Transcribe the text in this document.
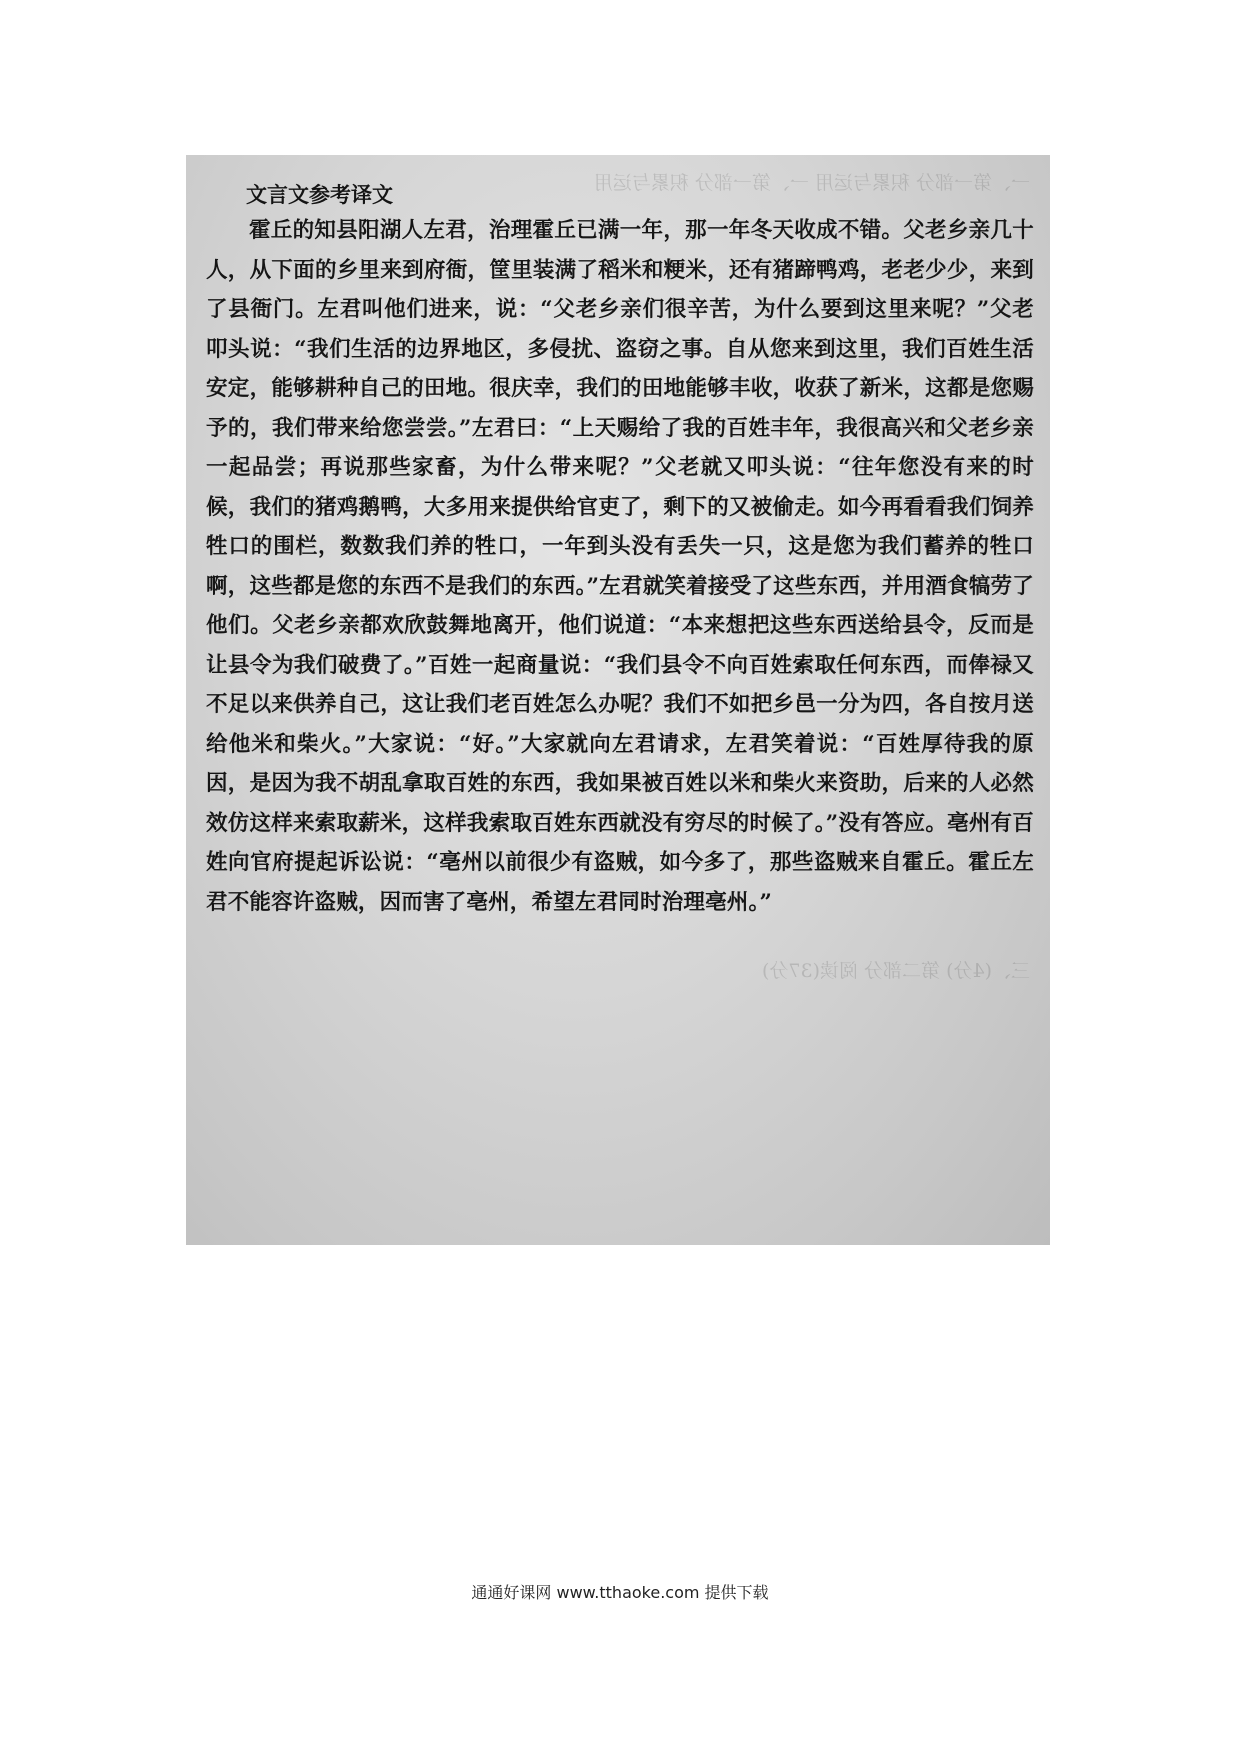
一、第一部分 积累与运用 一、第一部分 积累与运用
三、(4分) 第二部分 阅读(37分)
文言文参考译文

霍丘的知县阳湖人左君，治理霍丘已满一年，那一年冬天收成不错。父老乡亲几十人，从下面的乡里来到府衙，筐里装满了稻米和粳米，还有猪蹄鸭鸡，老老少少，来到了县衙门。左君叫他们进来，说：“父老乡亲们很辛苦，为什么要到这里来呢？”父老叩头说：“我们生活的边界地区，多侵扰、盗窃之事。自从您来到这里，我们百姓生活安定，能够耕种自己的田地。很庆幸，我们的田地能够丰收，收获了新米，这都是您赐予的，我们带来给您尝尝。”左君曰：“上天赐给了我的百姓丰年，我很高兴和父老乡亲一起品尝；再说那些家畜，为什么带来呢？”父老就又叩头说：“往年您没有来的时候，我们的猪鸡鹅鸭，大多用来提供给官吏了，剩下的又被偷走。如今再看看我们饲养牲口的围栏，数数我们养的牲口，一年到头没有丢失一只，这是您为我们蓄养的牲口啊，这些都是您的东西不是我们的东西。”左君就笑着接受了这些东西，并用酒食犒劳了他们。父老乡亲都欢欣鼓舞地离开，他们说道：“本来想把这些东西送给县令，反而是让县令为我们破费了。”百姓一起商量说：“我们县令不向百姓索取任何东西，而俸禄又不足以来供养自己，这让我们老百姓怎么办呢？我们不如把乡邑一分为四，各自按月送给他米和柴火。”大家说：“好。”大家就向左君请求，左君笑着说：“百姓厚待我的原因，是因为我不胡乱拿取百姓的东西，我如果被百姓以米和柴火来资助，后来的人必然效仿这样来索取薪米，这样我索取百姓东西就没有穷尽的时候了。”没有答应。亳州有百姓向官府提起诉讼说：“亳州以前很少有盗贼，如今多了，那些盗贼来自霍丘。霍丘左君不能容许盗贼，因而害了亳州，希望左君同时治理亳州。”

通通好课网 www.tthaoke.com 提供下载
